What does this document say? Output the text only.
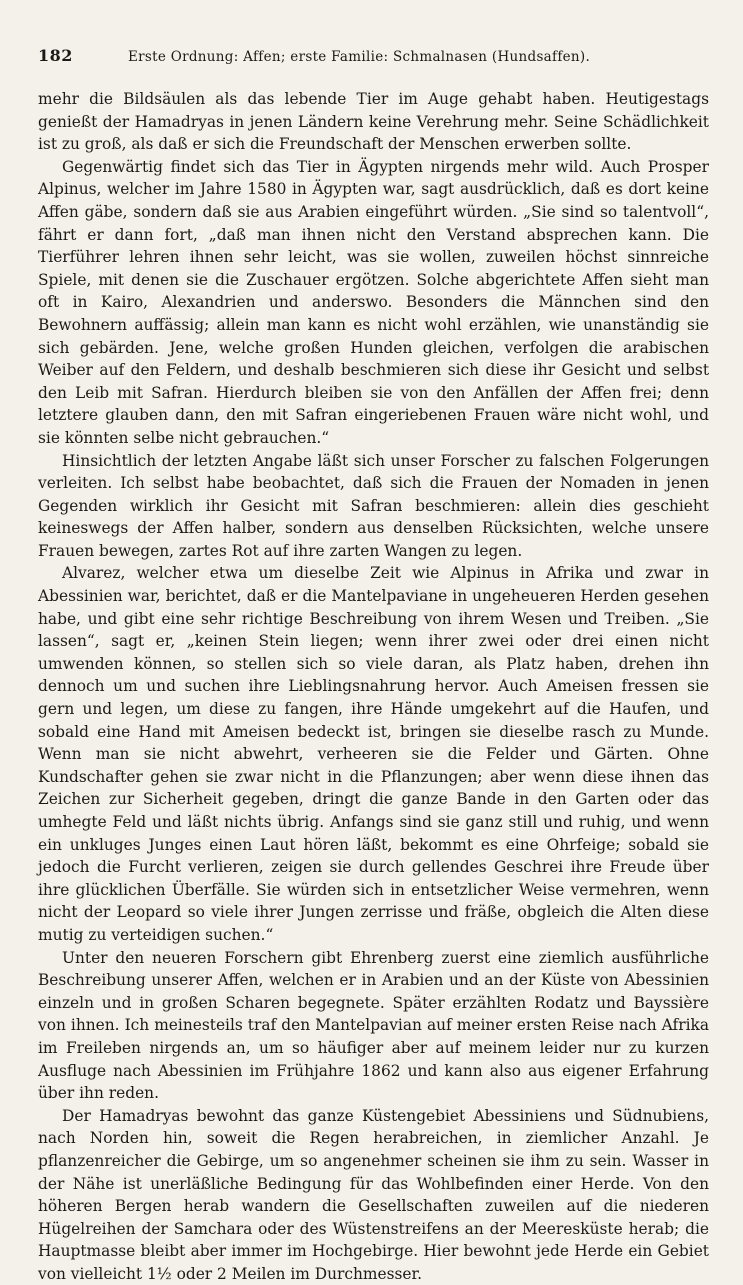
182	Erste Ordnung: Affen; erste Familie: Schmalnasen (Hundsaffen).

mehr die Bildsäulen als das lebende Tier im Auge gehabt haben. Heutigestags genießt der Hamadryas in jenen Ländern keine Verehrung mehr. Seine Schädlichkeit ist zu groß, als daß er sich die Freundschaft der Menschen erwerben sollte.

Gegenwärtig findet sich das Tier in Ägypten nirgends mehr wild. Auch Prosper Alpinus, welcher im Jahre 1580 in Ägypten war, sagt ausdrücklich, daß es dort keine Affen gäbe, sondern daß sie aus Arabien eingeführt würden. „Sie sind so talentvoll“, fährt er dann fort, „daß man ihnen nicht den Verstand absprechen kann. Die Tierführer lehren ihnen sehr leicht, was sie wollen, zuweilen höchst sinnreiche Spiele, mit denen sie die Zuschauer ergötzen. Solche abgerichtete Affen sieht man oft in Kairo, Alexandrien und anderswo. Besonders die Männchen sind den Bewohnern auffässig; allein man kann es nicht wohl erzählen, wie unanständig sie sich gebärden. Jene, welche großen Hunden gleichen, verfolgen die arabischen Weiber auf den Feldern, und deshalb beschmieren sich diese ihr Gesicht und selbst den Leib mit Safran. Hierdurch bleiben sie von den Anfällen der Affen frei; denn letztere glauben dann, den mit Safran eingeriebenen Frauen wäre nicht wohl, und sie könnten selbe nicht gebrauchen.“

Hinsichtlich der letzten Angabe läßt sich unser Forscher zu falschen Folgerungen verleiten. Ich selbst habe beobachtet, daß sich die Frauen der Nomaden in jenen Gegenden wirklich ihr Gesicht mit Safran beschmieren: allein dies geschieht keineswegs der Affen halber, sondern aus denselben Rücksichten, welche unsere Frauen bewegen, zartes Rot auf ihre zarten Wangen zu legen.

Alvarez, welcher etwa um dieselbe Zeit wie Alpinus in Afrika und zwar in Abessinien war, berichtet, daß er die Mantelpaviane in ungeheueren Herden gesehen habe, und gibt eine sehr richtige Beschreibung von ihrem Wesen und Treiben. „Sie lassen“, sagt er, „keinen Stein liegen; wenn ihrer zwei oder drei einen nicht umwenden können, so stellen sich so viele daran, als Platz haben, drehen ihn dennoch um und suchen ihre Lieblingsnahrung hervor. Auch Ameisen fressen sie gern und legen, um diese zu fangen, ihre Hände umgekehrt auf die Haufen, und sobald eine Hand mit Ameisen bedeckt ist, bringen sie dieselbe rasch zu Munde. Wenn man sie nicht abwehrt, verheeren sie die Felder und Gärten. Ohne Kundschafter gehen sie zwar nicht in die Pflanzungen; aber wenn diese ihnen das Zeichen zur Sicherheit gegeben, dringt die ganze Bande in den Garten oder das umhegte Feld und läßt nichts übrig. Anfangs sind sie ganz still und ruhig, und wenn ein unkluges Junges einen Laut hören läßt, bekommt es eine Ohrfeige; sobald sie jedoch die Furcht verlieren, zeigen sie durch gellendes Geschrei ihre Freude über ihre glücklichen Überfälle. Sie würden sich in entsetzlicher Weise vermehren, wenn nicht der Leopard so viele ihrer Jungen zerrisse und fräße, obgleich die Alten diese mutig zu verteidigen suchen.“

Unter den neueren Forschern gibt Ehrenberg zuerst eine ziemlich ausführliche Beschreibung unserer Affen, welchen er in Arabien und an der Küste von Abessinien einzeln und in großen Scharen begegnete. Später erzählten Rodatz und Bayssière von ihnen. Ich meinesteils traf den Mantelpavian auf meiner ersten Reise nach Afrika im Freileben nirgends an, um so häufiger aber auf meinem leider nur zu kurzen Ausfluge nach Abessinien im Frühjahre 1862 und kann also aus eigener Erfahrung über ihn reden.

Der Hamadryas bewohnt das ganze Küstengebiet Abessiniens und Südnubiens, nach Norden hin, soweit die Regen herabreichen, in ziemlicher Anzahl. Je pflanzenreicher die Gebirge, um so angenehmer scheinen sie ihm zu sein. Wasser in der Nähe ist unerläßliche Bedingung für das Wohlbefinden einer Herde. Von den höheren Bergen herab wandern die Gesellschaften zuweilen auf die niederen Hügelreihen der Samchara oder des Wüstenstreifens an der Meeresküste herab; die Hauptmasse bleibt aber immer im Hochgebirge. Hier bewohnt jede Herde ein Gebiet von vielleicht 1½ oder 2 Meilen im Durchmesser.
